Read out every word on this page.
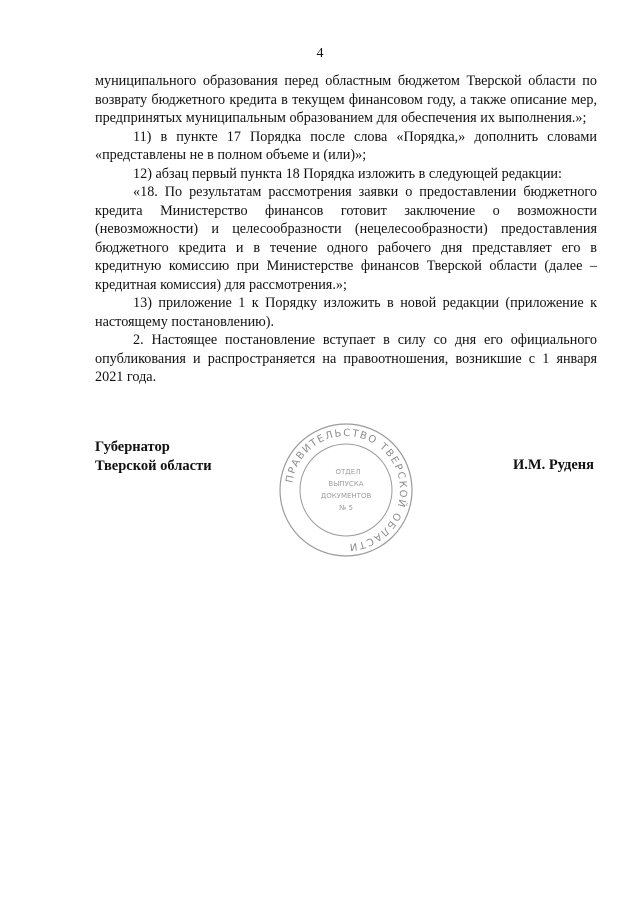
4

муниципального образования перед областным бюджетом Тверской области по возврату бюджетного кредита в текущем финансовом году, а также описание мер, предпринятых муниципальным образованием для обеспечения их выполнения.»;

11) в пункте 17 Порядка после слова «Порядка,» дополнить словами «представлены не в полном объеме и (или)»;

12) абзац первый пункта 18 Порядка изложить в следующей редакции:

«18. По результатам рассмотрения заявки о предоставлении бюджетного кредита Министерство финансов готовит заключение о возможности (невозможности) и целесообразности (нецелесообразности) предоставления бюджетного кредита и в течение одного рабочего дня представляет его в кредитную комиссию при Министерстве финансов Тверской области (далее – кредитная комиссия) для рассмотрения.»;

13) приложение 1 к Порядку изложить в новой редакции (приложение к настоящему постановлению).

2. Настоящее постановление вступает в силу со дня его официального опубликования и распространяется на правоотношения, возникшие с 1 января 2021 года.

Губернатор
Тверской области	И.М. Руденя
ПРАВИТЕЛЬСТВО ТВЕРСКОЙ ОБЛАСТИ
ОТДЕЛ
ВЫПУСКА
ДОКУМЕНТОВ
№ 5
